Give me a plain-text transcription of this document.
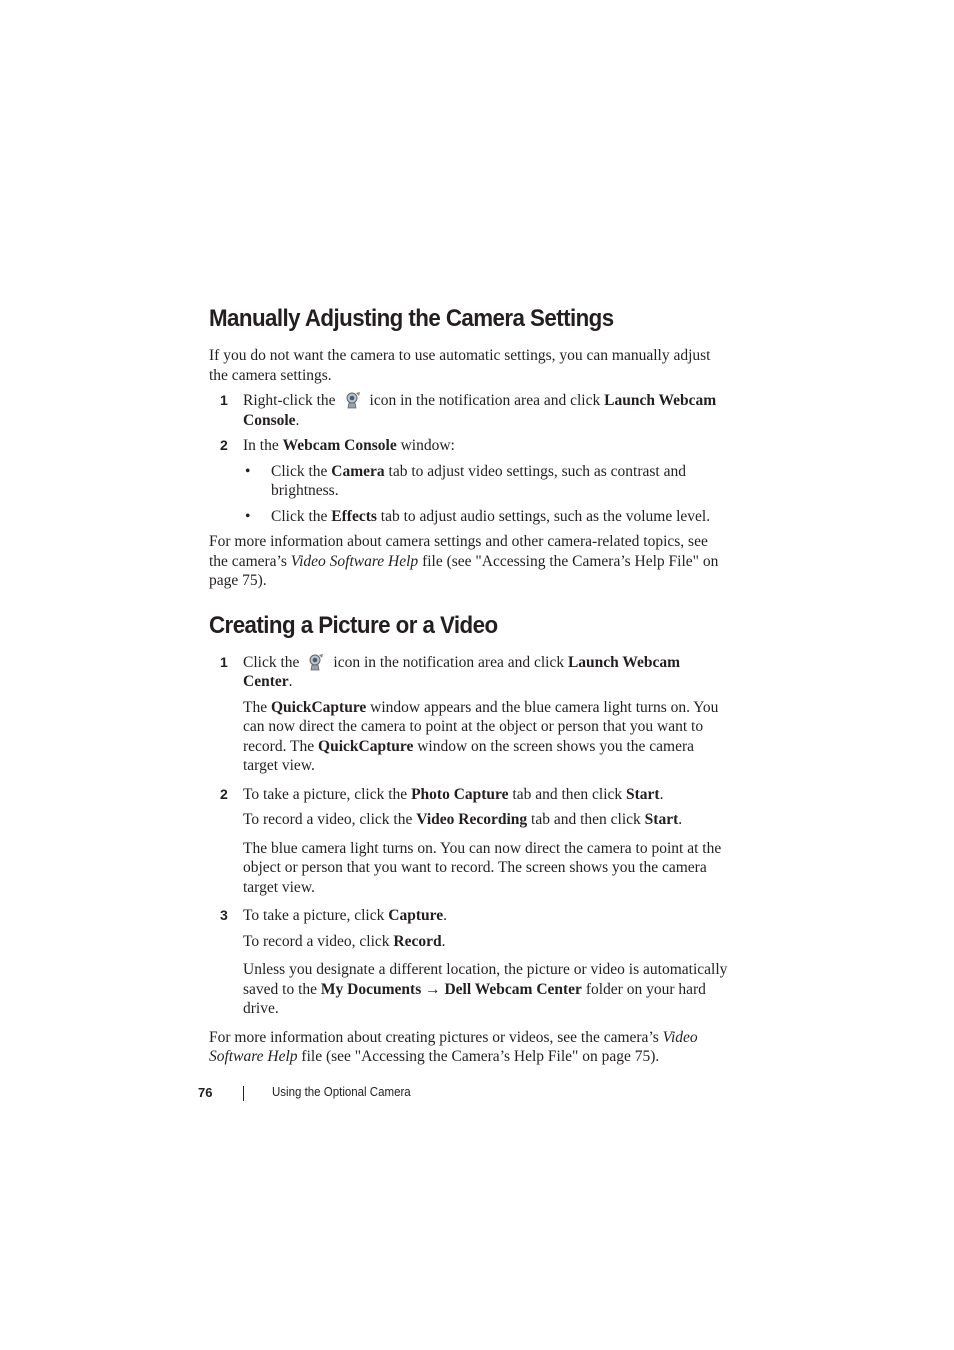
Manually Adjusting the Camera Settings

If you do not want the camera to use automatic settings, you can manually adjust the camera settings.

1 Right-click the icon in the notification area and click Launch Webcam Console.

2 In the Webcam Console window:

• Click the Camera tab to adjust video settings, such as contrast and brightness.

• Click the Effects tab to adjust audio settings, such as the volume level.

For more information about camera settings and other camera-related topics, see the camera’s Video Software Help file (see "Accessing the Camera’s Help File" on page 75).

Creating a Picture or a Video

1 Click the icon in the notification area and click Launch Webcam Center.

The QuickCapture window appears and the blue camera light turns on. You can now direct the camera to point at the object or person that you want to record. The QuickCapture window on the screen shows you the camera target view.

2 To take a picture, click the Photo Capture tab and then click Start.

To record a video, click the Video Recording tab and then click Start.

The blue camera light turns on. You can now direct the camera to point at the object or person that you want to record. The screen shows you the camera target view.

3 To take a picture, click Capture.

To record a video, click Record.

Unless you designate a different location, the picture or video is automatically saved to the My Documents → Dell Webcam Center folder on your hard drive.

For more information about creating pictures or videos, see the camera’s Video Software Help file (see "Accessing the Camera’s Help File" on page 75).

76	Using the Optional Camera
